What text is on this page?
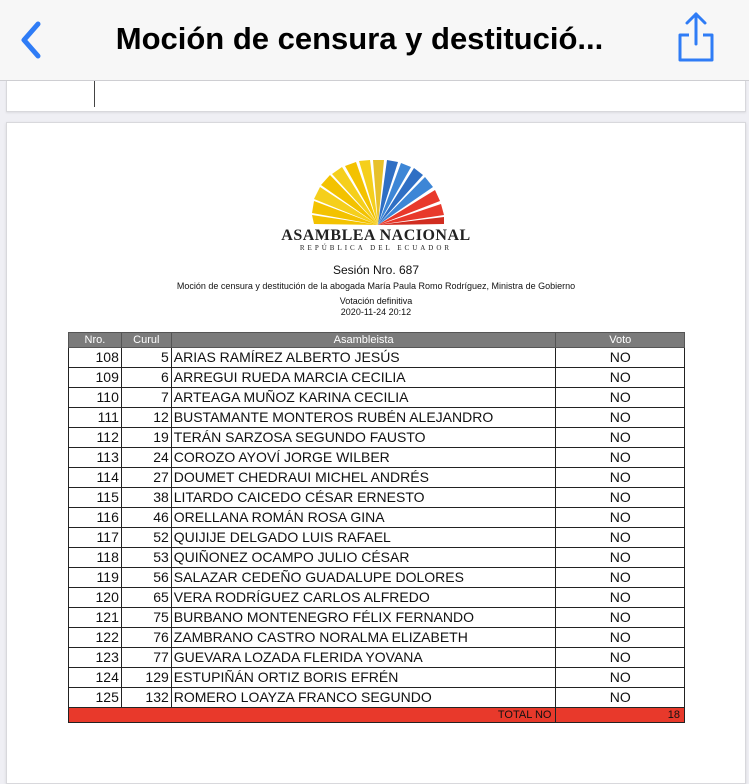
Moción de censura y destitució...
ASAMBLEA NACIONAL
REPÚBLICA DEL ECUADOR
Sesión Nro. 687
Moción de censura y destitución de la abogada María Paula Romo Rodríguez, Ministra de Gobierno
Votación definitiva
2020-11-24 20:12
Nro.	Curul	Asambleista	Voto
108	5	ARIAS RAMÍREZ ALBERTO JESÚS	NO
109	6	ARREGUI RUEDA MARCIA CECILIA	NO
110	7	ARTEAGA MUÑOZ KARINA CECILIA	NO
111	12	BUSTAMANTE MONTEROS RUBÉN ALEJANDRO	NO
112	19	TERÁN SARZOSA SEGUNDO FAUSTO	NO
113	24	COROZO AYOVÍ JORGE WILBER	NO
114	27	DOUMET CHEDRAUI MICHEL ANDRÉS	NO
115	38	LITARDO CAICEDO CÉSAR ERNESTO	NO
116	46	ORELLANA ROMÁN ROSA GINA	NO
117	52	QUIJIJE DELGADO LUIS RAFAEL	NO
118	53	QUIÑONEZ OCAMPO JULIO CÉSAR	NO
119	56	SALAZAR CEDEÑO GUADALUPE DOLORES	NO
120	65	VERA RODRÍGUEZ CARLOS ALFREDO	NO
121	75	BURBANO MONTENEGRO FÉLIX FERNANDO	NO
122	76	ZAMBRANO CASTRO NORALMA ELIZABETH	NO
123	77	GUEVARA LOZADA FLERIDA YOVANA	NO
124	129	ESTUPIÑÁN ORTIZ BORIS EFRÉN	NO
125	132	ROMERO LOAYZA FRANCO SEGUNDO	NO
TOTAL NO			18
